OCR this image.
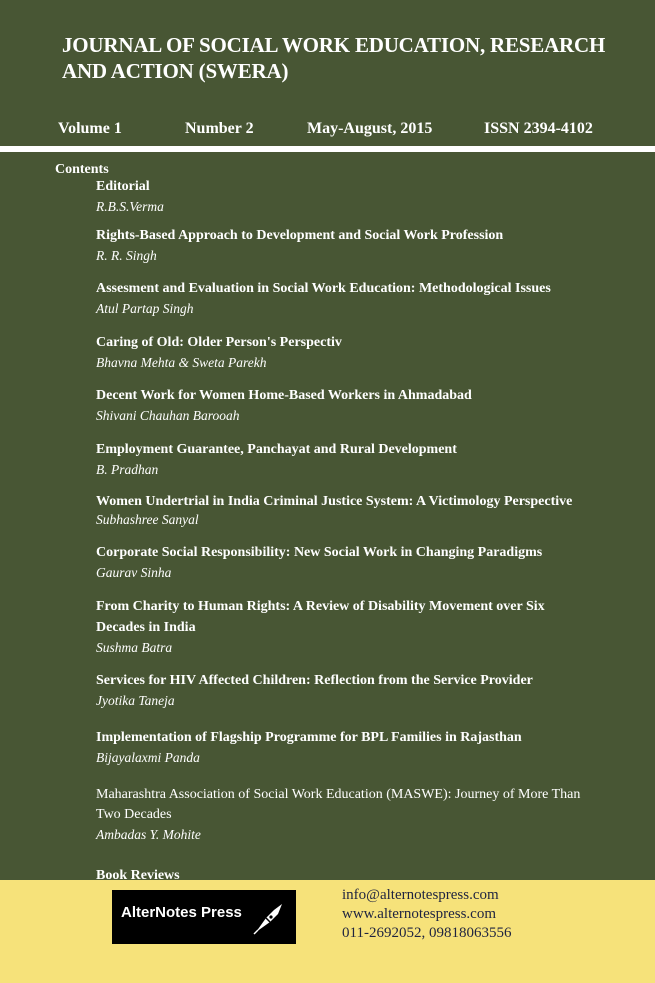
JOURNAL OF SOCIAL WORK EDUCATION, RESEARCH AND ACTION (SWERA)
Volume 1	Number 2	May-August, 2015	ISSN 2394-4102
Contents
Editorial
R.B.S.Verma
Rights-Based Approach to Development and Social Work Profession
R. R. Singh
Assesment and Evaluation in Social Work Education: Methodological Issues
Atul Partap Singh
Caring of Old: Older Person's Perspectiv
Bhavna Mehta & Sweta Parekh
Decent Work for Women Home-Based Workers in Ahmadabad
Shivani Chauhan Barooah
Employment Guarantee, Panchayat and Rural Development
B. Pradhan
Women Undertrial in India Criminal Justice System: A Victimology Perspective
Subhashree Sanyal
Corporate Social Responsibility: New Social Work in Changing Paradigms
Gaurav Sinha
From Charity to Human Rights: A Review of Disability Movement over Six Decades in India
Sushma Batra
Services for HIV Affected Children: Reflection from the Service Provider
Jyotika Taneja
Implementation of Flagship Programme for BPL Families in Rajasthan
Bijayalaxmi Panda
Maharashtra Association of Social Work Education (MASWE): Journey of More Than Two Decades
Ambadas Y. Mohite
Book Reviews
AlterNotes Press
info@alternotespress.com
www.alternotespress.com
011-2692052, 09818063556
